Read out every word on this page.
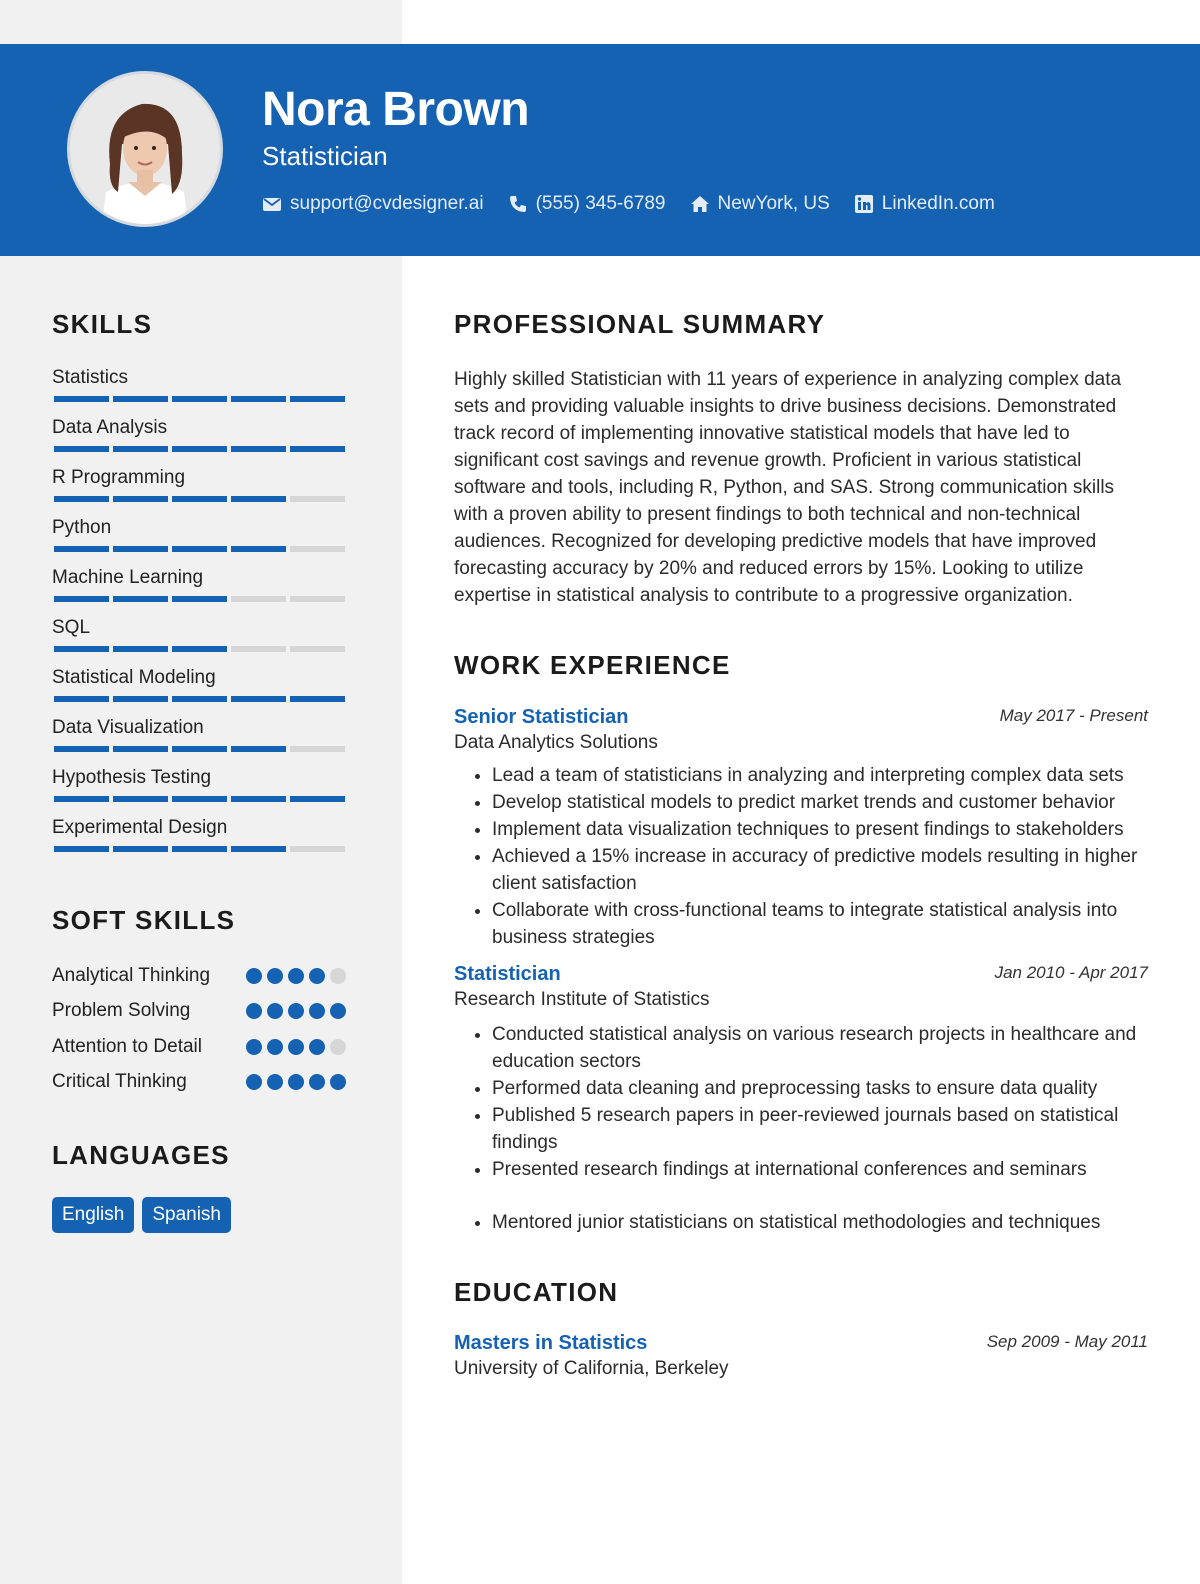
Nora Brown
Statistician
support@cvdesigner.ai	(555) 345-6789	NewYork, US	LinkedIn.com
SKILLS
Statistics
Data Analysis
R Programming
Python
Machine Learning
SQL
Statistical Modeling
Data Visualization
Hypothesis Testing
Experimental Design
SOFT SKILLS
Analytical Thinking
Problem Solving
Attention to Detail
Critical Thinking
LANGUAGES
English	Spanish
PROFESSIONAL SUMMARY
Highly skilled Statistician with 11 years of experience in analyzing complex data sets and providing valuable insights to drive business decisions. Demonstrated track record of implementing innovative statistical models that have led to significant cost savings and revenue growth. Proficient in various statistical software and tools, including R, Python, and SAS. Strong communication skills with a proven ability to present findings to both technical and non-technical audiences. Recognized for developing predictive models that have improved forecasting accuracy by 20% and reduced errors by 15%. Looking to utilize expertise in statistical analysis to contribute to a progressive organization.
WORK EXPERIENCE
Senior Statistician	May 2017 - Present
Data Analytics Solutions
• Lead a team of statisticians in analyzing and interpreting complex data sets
• Develop statistical models to predict market trends and customer behavior
• Implement data visualization techniques to present findings to stakeholders
• Achieved a 15% increase in accuracy of predictive models resulting in higher client satisfaction
• Collaborate with cross-functional teams to integrate statistical analysis into business strategies
Statistician	Jan 2010 - Apr 2017
Research Institute of Statistics
• Conducted statistical analysis on various research projects in healthcare and education sectors
• Performed data cleaning and preprocessing tasks to ensure data quality
• Published 5 research papers in peer-reviewed journals based on statistical findings
• Presented research findings at international conferences and seminars
• Mentored junior statisticians on statistical methodologies and techniques
EDUCATION
Masters in Statistics	Sep 2009 - May 2011
University of California, Berkeley
